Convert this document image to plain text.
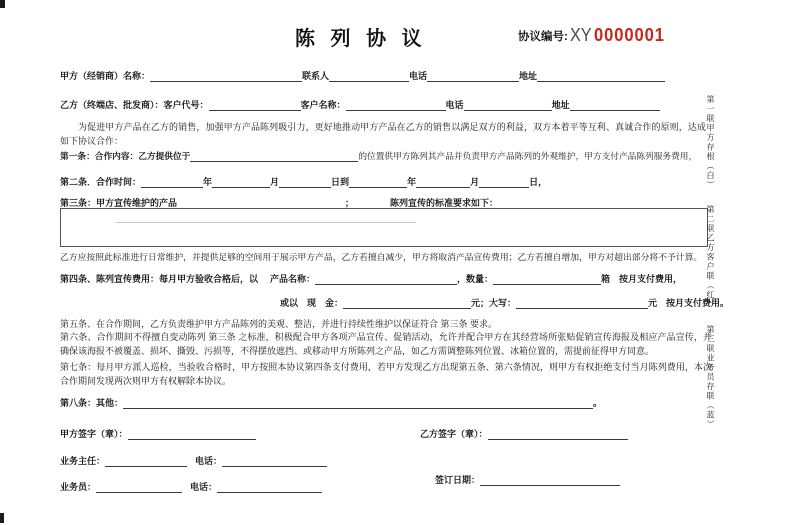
陈 列 协 议	协议编号: XY 0000001
甲方（经销商）名称：	联系人	电话	地址
乙方（终端店、批发商）： 客户代号：	客户名称：	电话	地址
为促进甲方产品在乙方的销售，加强甲方产品陈列吸引力，更好地推动甲方产品在乙方的销售以满足双方的利益，双方本着平等互利、真诚合作的原则，达成如下协议合作：
第一条：合作内容： 乙方提供位于	的位置供甲方陈列其产品并负责甲方产品陈列的外观维护，甲方支付产品陈列服务费用，
第二条．合作时间：	年	月	日到	年	月	日，
第三条：甲方宣传维护的产品	；	陈列宣传的标准要求如下：
乙方应按照此标准进行日常维护，并提供足够的空间用于展示甲方产品，乙方若擅自减少，甲方将取消产品宣传费用；乙方若擅自增加，甲方对超出部分将不予计算。
第四条、陈列宣传费用：每月甲方验收合格后，以 产品名称：	，数量：	箱　按月支付费用，
或以　现　金：	元；大写：	元　按月支付费用。
第五条、在合作期间，乙方负责维护甲方产品陈列的美观、整洁，并进行持续性维护以保证符合 第三条 要求。
第六条、合作期间不得擅自变动陈列 第三条 之标准，积极配合甲方各项产品宣传、促销活动，允许并配合甲方在其经营场所张贴促销宣传海报及相应产品宣传，并确保该海报不被覆盖、损坏、撕毁、污损等，不得摆放遮挡、或移动甲方所陈列之产品，如乙方需调整陈列位置、冰箱位置的，需提前征得甲方同意。
第七条：每月甲方派人巡检，当验收合格时，甲方按照本协议第四条支付费用，若甲方发现乙方出现第五条、第六条情况，则甲方有权拒绝支付当月陈列费用，本次合作期间发现两次则甲方有权解除本协议。
第八条：其他：	。
甲方签字（章）：	乙方签字（章）：
业务主任：	电话：
业务员：	电话：
签订日期：
第一联甲方存根（白）
第二联乙方客户联（红）
第三联业务员存联（蓝）
